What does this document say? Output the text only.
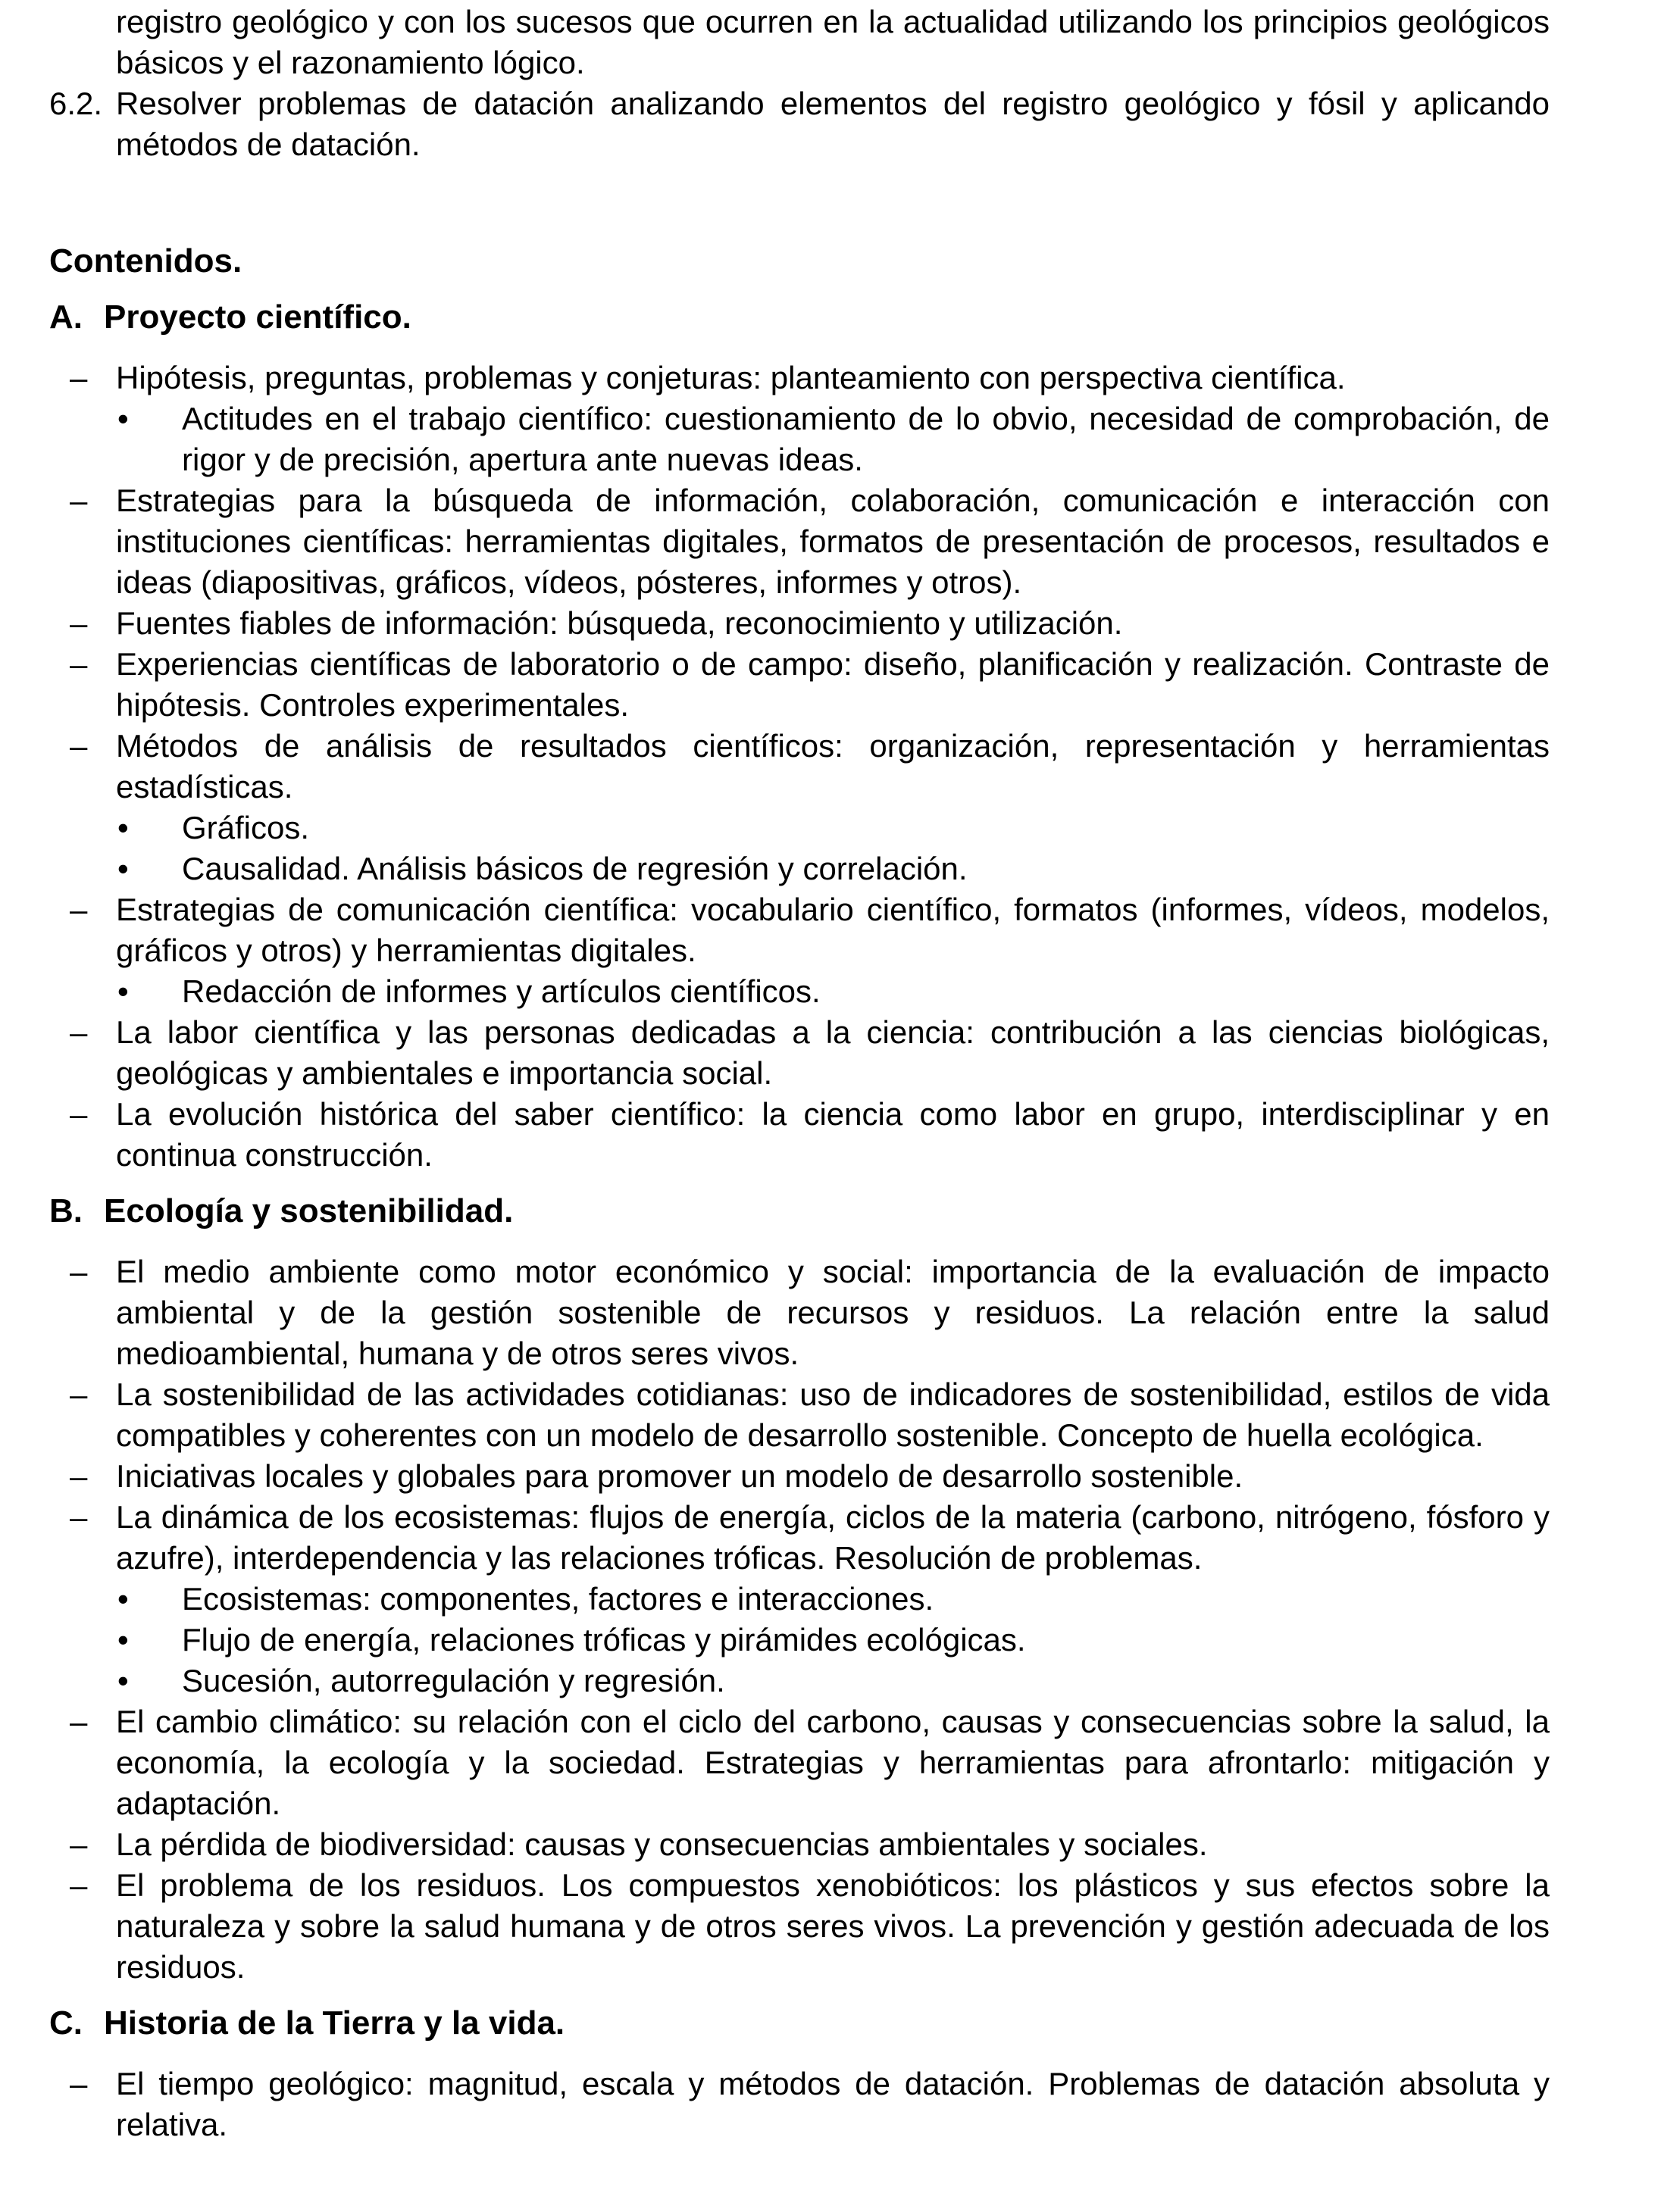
registro geológico y con los sucesos que ocurren en la actualidad utilizando los principios geológicos básicos y el razonamiento lógico.

6.2. Resolver problemas de datación analizando elementos del registro geológico y fósil y aplicando métodos de datación.
Contenidos.
A. Proyecto científico.
– Hipótesis, preguntas, problemas y conjeturas: planteamiento con perspectiva científica.
• Actitudes en el trabajo científico: cuestionamiento de lo obvio, necesidad de comprobación, de rigor y de precisión, apertura ante nuevas ideas.
– Estrategias para la búsqueda de información, colaboración, comunicación e interacción con instituciones científicas: herramientas digitales, formatos de presentación de procesos, resultados e ideas (diapositivas, gráficos, vídeos, pósteres, informes y otros).
– Fuentes fiables de información: búsqueda, reconocimiento y utilización.
– Experiencias científicas de laboratorio o de campo: diseño, planificación y realización. Contraste de hipótesis. Controles experimentales.
– Métodos de análisis de resultados científicos: organización, representación y herramientas estadísticas.
• Gráficos.
• Causalidad. Análisis básicos de regresión y correlación.
– Estrategias de comunicación científica: vocabulario científico, formatos (informes, vídeos, modelos, gráficos y otros) y herramientas digitales.
• Redacción de informes y artículos científicos.
– La labor científica y las personas dedicadas a la ciencia: contribución a las ciencias biológicas, geológicas y ambientales e importancia social.
– La evolución histórica del saber científico: la ciencia como labor en grupo, interdisciplinar y en continua construcción.
B. Ecología y sostenibilidad.
– El medio ambiente como motor económico y social: importancia de la evaluación de impacto ambiental y de la gestión sostenible de recursos y residuos. La relación entre la salud medioambiental, humana y de otros seres vivos.
– La sostenibilidad de las actividades cotidianas: uso de indicadores de sostenibilidad, estilos de vida compatibles y coherentes con un modelo de desarrollo sostenible. Concepto de huella ecológica.
– Iniciativas locales y globales para promover un modelo de desarrollo sostenible.
– La dinámica de los ecosistemas: flujos de energía, ciclos de la materia (carbono, nitrógeno, fósforo y azufre), interdependencia y las relaciones tróficas. Resolución de problemas.
• Ecosistemas: componentes, factores e interacciones.
• Flujo de energía, relaciones tróficas y pirámides ecológicas.
• Sucesión, autorregulación y regresión.
– El cambio climático: su relación con el ciclo del carbono, causas y consecuencias sobre la salud, la economía, la ecología y la sociedad. Estrategias y herramientas para afrontarlo: mitigación y adaptación.
– La pérdida de biodiversidad: causas y consecuencias ambientales y sociales.
– El problema de los residuos. Los compuestos xenobióticos: los plásticos y sus efectos sobre la naturaleza y sobre la salud humana y de otros seres vivos. La prevención y gestión adecuada de los residuos.
C. Historia de la Tierra y la vida.
– El tiempo geológico: magnitud, escala y métodos de datación. Problemas de datación absoluta y relativa.
